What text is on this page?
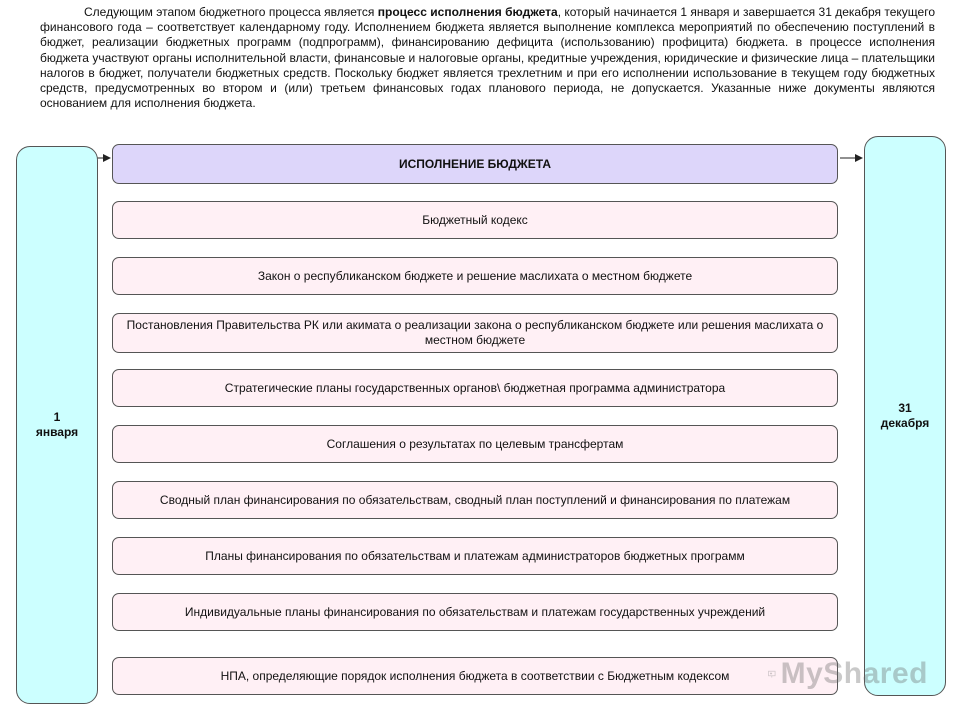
Следующим этапом бюджетного процесса является процесс исполнения бюджета, который начинается 1 января и завершается 31 декабря текущего финансового года – соответствует календарному году. Исполнением бюджета является выполнение комплекса мероприятий по обеспечению поступлений в бюджет, реализации бюджетных программ (подпрограмм), финансированию дефицита (использованию) профицита) бюджета. в процессе исполнения бюджета участвуют органы исполнительной власти, финансовые и налоговые органы, кредитные учреждения, юридические и физические лица – плательщики налогов в бюджет, получатели бюджетных средств. Поскольку бюджет является трехлетним и при его исполнении использование в текущем году бюджетных средств, предусмотренных во втором и (или) третьем финансовых годах планового периода, не допускается. Указанные ниже документы являются основанием для исполнения бюджета.
1
января
31
декабря
ИСПОЛНЕНИЕ БЮДЖЕТА
Бюджетный кодекс
Закон о республиканском бюджете и решение маслихата о местном бюджете
Постановления Правительства РК или акимата о реализации закона о республиканском бюджете или решения маслихата о местном бюджете
Стратегические планы государственных органов\ бюджетная программа администратора
Соглашения о результатах по целевым трансфертам
Сводный план финансирования по обязательствам, сводный план поступлений и финансирования по платежам
Планы финансирования по обязательствам и платежам администраторов бюджетных программ
Индивидуальные планы финансирования по обязательствам и платежам государственных учреждений
НПА, определяющие порядок исполнения бюджета в соответствии с Бюджетным кодексом	MyShared
